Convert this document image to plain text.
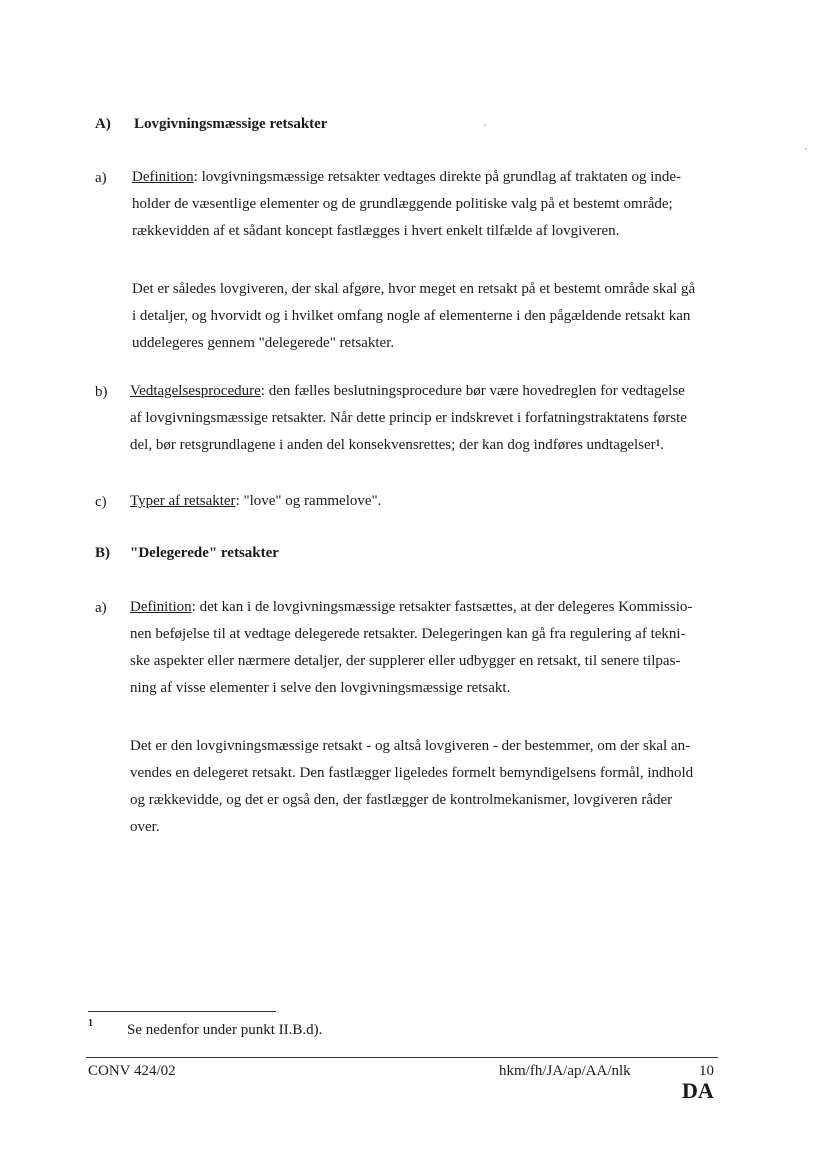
A) Lovgivningsmæssige retsakter
a) Definition: lovgivningsmæssige retsakter vedtages direkte på grundlag af traktaten og inde-
holder de væsentlige elementer og de grundlæggende politiske valg på et bestemt område;
rækkevidden af et sådant koncept fastlægges i hvert enkelt tilfælde af lovgiveren.
Det er således lovgiveren, der skal afgøre, hvor meget en retsakt på et bestemt område skal gå
i detaljer, og hvorvidt og i hvilket omfang nogle af elementerne i den pågældende retsakt kan
uddelegeres gennem "delegerede" retsakter.
b) Vedtagelsesprocedure: den fælles beslutningsprocedure bør være hovedreglen for vedtagelse
af lovgivningsmæssige retsakter. Når dette princip er indskrevet i forfatningstraktatens første
del, bør retsgrundlagene i anden del konsekvensrettes; der kan dog indføres undtagelser$^1$.
c) Typer af retsakter: "love" og rammelove".
B) "Delegerede" retsakter
a) Definition: det kan i de lovgivningsmæssige retsakter fastsættes, at der delegeres Kommissio-
nen beføjelse til at vedtage delegerede retsakter. Delegeringen kan gå fra regulering af tekni-
ske aspekter eller nærmere detaljer, der supplerer eller udbygger en retsakt, til senere tilpas-
ning af visse elementer i selve den lovgivningsmæssige retsakt.
Det er den lovgivningsmæssige retsakt - og altså lovgiveren - der bestemmer, om der skal an-
vendes en delegeret retsakt. Den fastlægger ligeledes formelt bemyndigelsens formål, indhold
og rækkevidde, og det er også den, der fastlægger de kontrolmekanismer, lovgiveren råder
over.
1 Se nedenfor under punkt II.B.d).
CONV 424/02	hkm/fh/JA/ap/AA/nlk	10
DA
